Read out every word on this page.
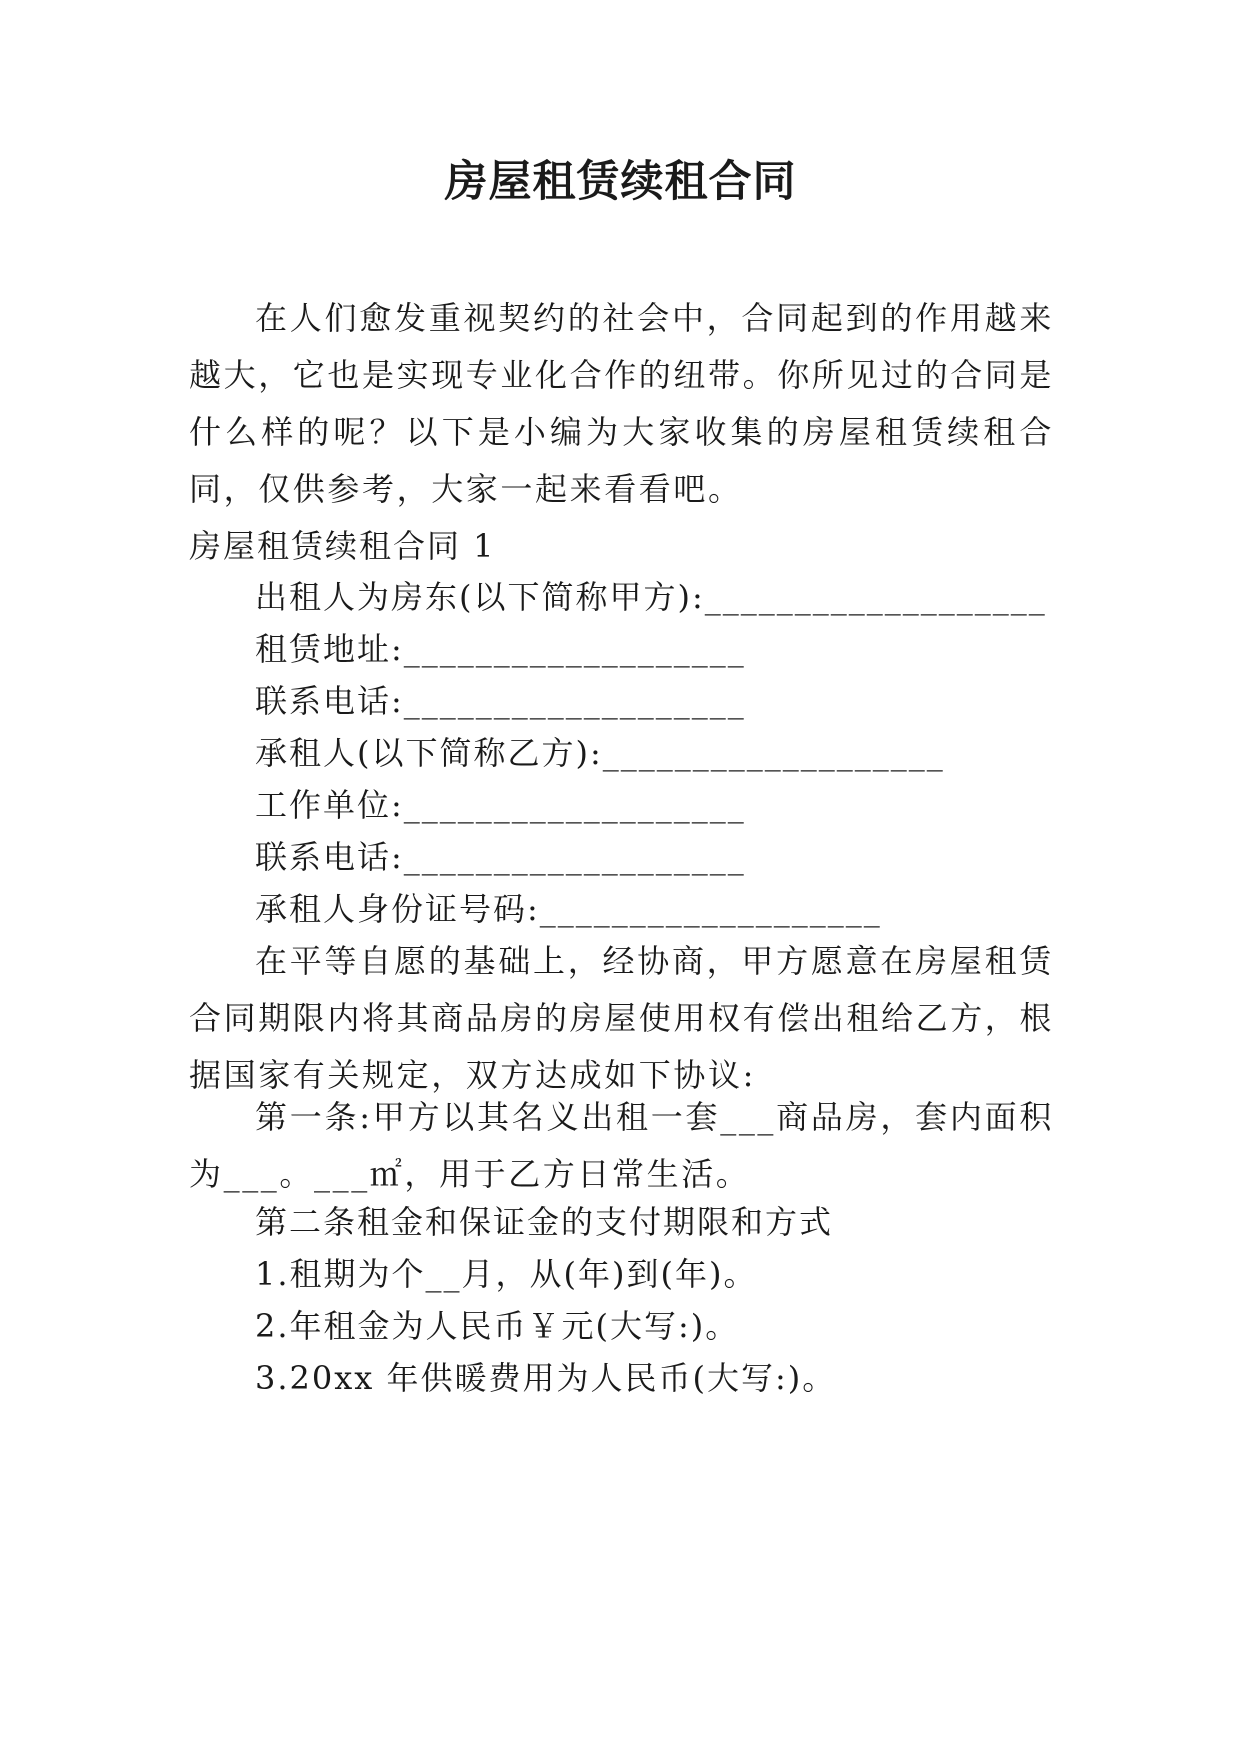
房屋租赁续租合同

在人们愈发重视契约的社会中，合同起到的作用越来越大，它也是实现专业化合作的纽带。你所见过的合同是什么样的呢？以下是小编为大家收集的房屋租赁续租合同，仅供参考，大家一起来看看吧。

房屋租赁续租合同 1

出租人为房东(以下简称甲方):___________________

租赁地址:___________________

联系电话:___________________

承租人(以下简称乙方):___________________

工作单位:___________________

联系电话:___________________

承租人身份证号码:___________________

在平等自愿的基础上，经协商，甲方愿意在房屋租赁合同期限内将其商品房的房屋使用权有偿出租给乙方，根据国家有关规定，双方达成如下协议:

第一条:甲方以其名义出租一套___商品房，套内面积为___。___㎡，用于乙方日常生活。

第二条租金和保证金的支付期限和方式

1.租期为个__月，从(年)到(年)。

2.年租金为人民币￥元(大写:)。

3.20xx 年供暖费用为人民币(大写:)。
